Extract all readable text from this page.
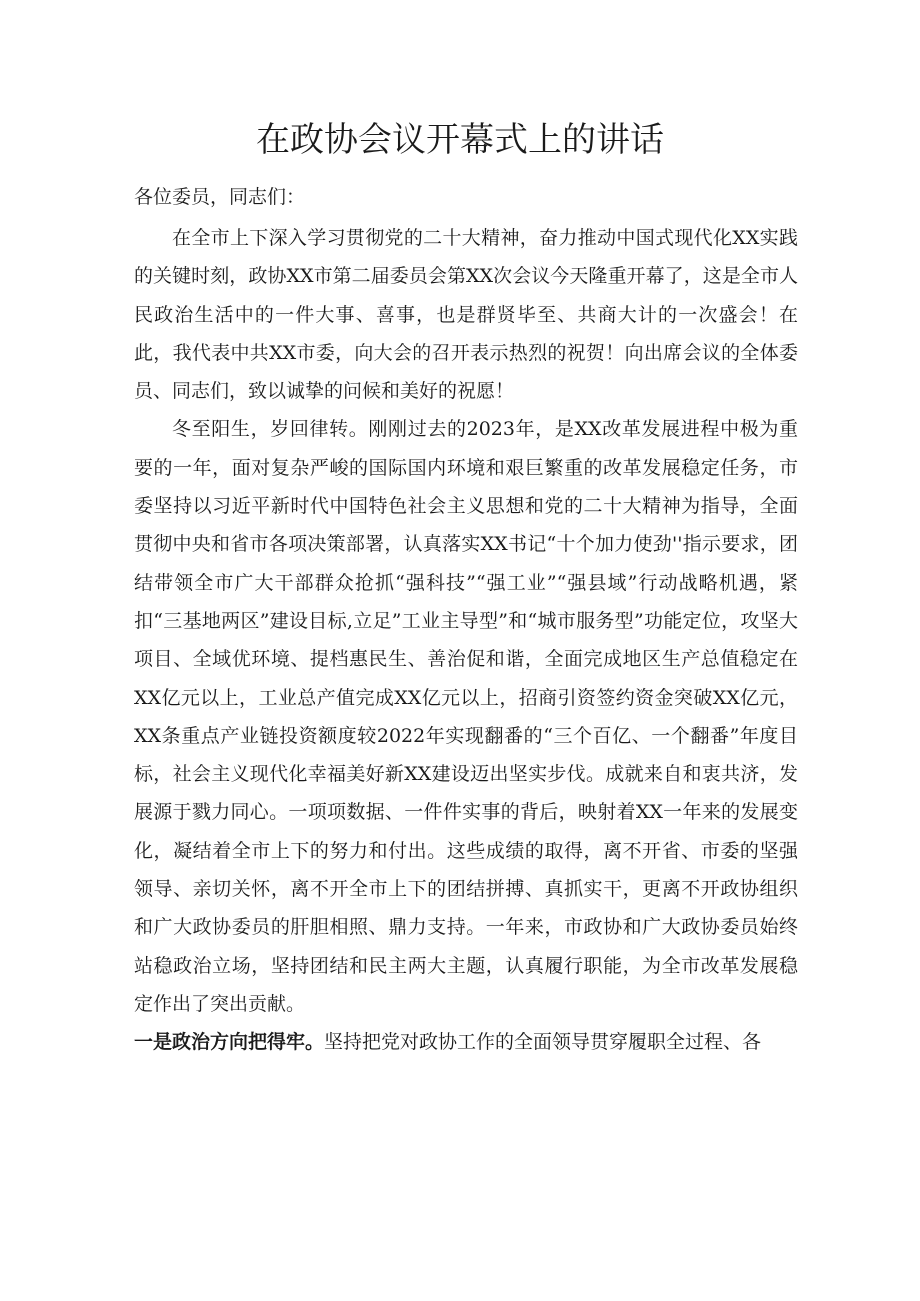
在政协会议开幕式上的讲话

各位委员，同志们：

在全市上下深入学习贯彻党的二十大精神，奋力推动中国式现代化XX实践的关键时刻，政协XX市第二届委员会第XX次会议今天隆重开幕了，这是全市人民政治生活中的一件大事、喜事，也是群贤毕至、共商大计的一次盛会！在此，我代表中共XX市委，向大会的召开表示热烈的祝贺！向出席会议的全体委员、同志们，致以诚挚的问候和美好的祝愿！

冬至阳生，岁回律转。刚刚过去的2023年，是XX改革发展进程中极为重要的一年，面对复杂严峻的国际国内环境和艰巨繁重的改革发展稳定任务，市委坚持以习近平新时代中国特色社会主义思想和党的二十大精神为指导，全面贯彻中央和省市各项决策部署，认真落实XX书记“十个加力使劲''指示要求，团结带领全市广大干部群众抢抓“强科技”“强工业”“强县域”行动战略机遇，紧扣“三基地两区”建设目标,立足”工业主导型”和“城市服务型”功能定位，攻坚大项目、全域优环境、提档惠民生、善治促和谐，全面完成地区生产总值稳定在XX亿元以上，工业总产值完成XX亿元以上，招商引资签约资金突破XX亿元，XX条重点产业链投资额度较2022年实现翻番的“三个百亿、一个翻番”年度目标，社会主义现代化幸福美好新XX建设迈出坚实步伐。成就来自和衷共济，发展源于戮力同心。一项项数据、一件件实事的背后，映射着XX一年来的发展变化，凝结着全市上下的努力和付出。这些成绩的取得，离不开省、市委的坚强领导、亲切关怀，离不开全市上下的团结拼搏、真抓实干，更离不开政协组织和广大政协委员的肝胆相照、鼎力支持。一年来，市政协和广大政协委员始终站稳政治立场，坚持团结和民主两大主题，认真履行职能，为全市改革发展稳定作出了突出贡献。

一是政治方向把得牢。坚持把党对政协工作的全面领导贯穿履职全过程、各
